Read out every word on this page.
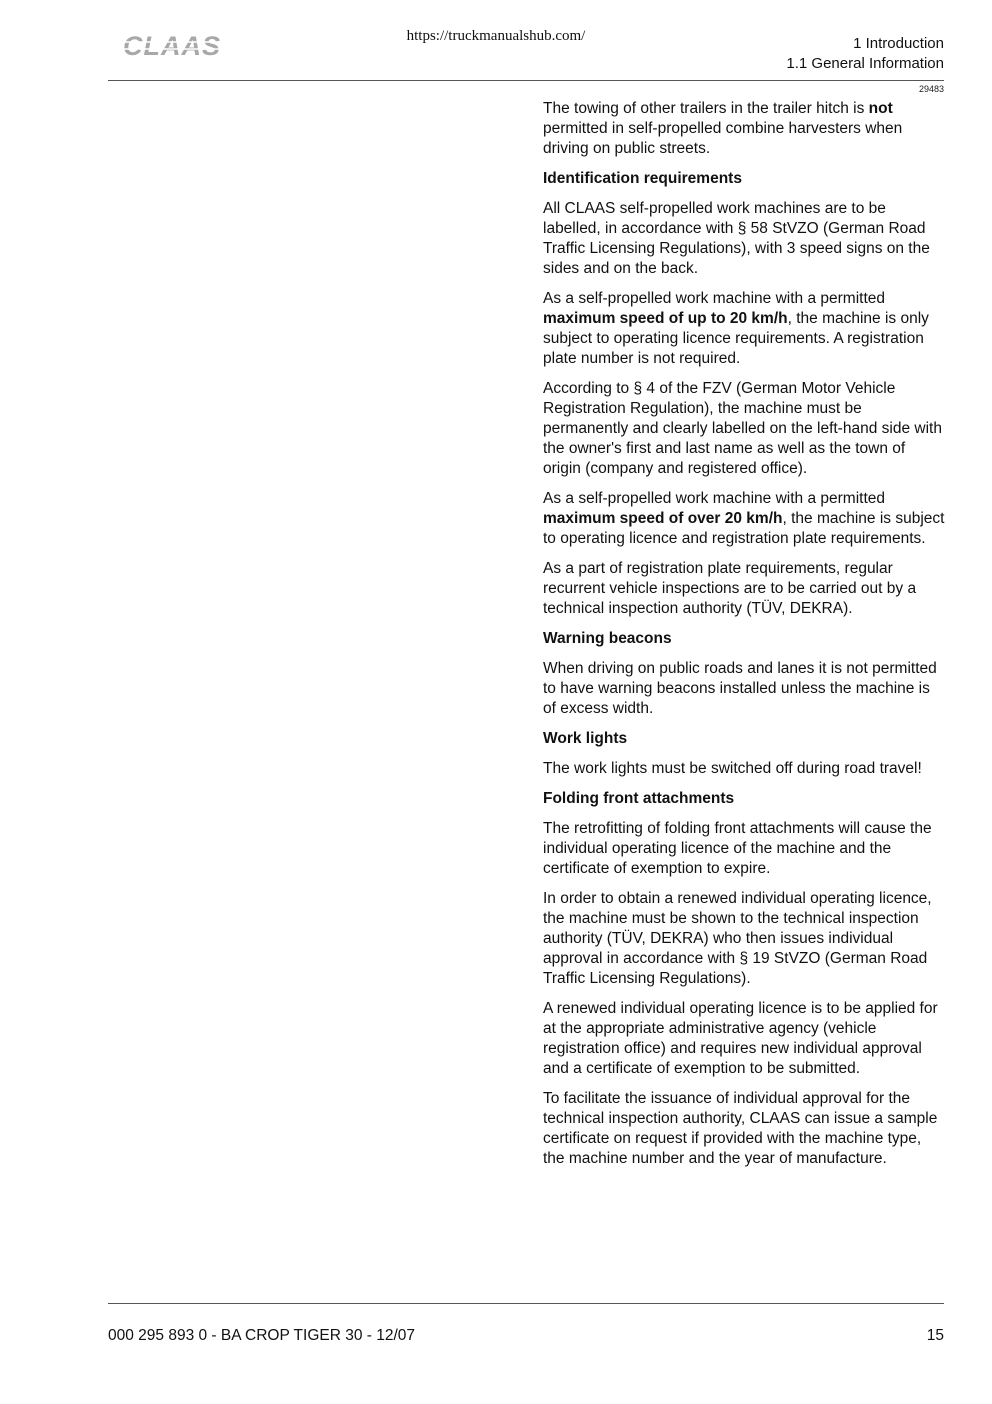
CLAAS	https://truckmanualshub.com/	1 Introduction
1.1 General Information
29483

The towing of other trailers in the trailer hitch is not permitted in self-propelled combine harvesters when driving on public streets.

Identification requirements

All CLAAS self-propelled work machines are to be labelled, in accordance with § 58 StVZO (German Road Traffic Licensing Regulations), with 3 speed signs on the sides and on the back.

As a self-propelled work machine with a permitted maximum speed of up to 20 km/h, the machine is only subject to operating licence requirements. A registration plate number is not required.

According to § 4 of the FZV (German Motor Vehicle Registration Regulation), the machine must be permanently and clearly labelled on the left-hand side with the owner's first and last name as well as the town of origin (company and registered office).

As a self-propelled work machine with a permitted maximum speed of over 20 km/h, the machine is subject to operating licence and registration plate requirements.

As a part of registration plate requirements, regular recurrent vehicle inspections are to be carried out by a technical inspection authority (TÜV, DEKRA).

Warning beacons

When driving on public roads and lanes it is not permitted to have warning beacons installed unless the machine is of excess width.

Work lights

The work lights must be switched off during road travel!

Folding front attachments

The retrofitting of folding front attachments will cause the individual operating licence of the machine and the certificate of exemption to expire.

In order to obtain a renewed individual operating licence, the machine must be shown to the technical inspection authority (TÜV, DEKRA) who then issues individual approval in accordance with § 19 StVZO (German Road Traffic Licensing Regulations).

A renewed individual operating licence is to be applied for at the appropriate administrative agency (vehicle registration office) and requires new individual approval and a certificate of exemption to be submitted.

To facilitate the issuance of individual approval for the technical inspection authority, CLAAS can issue a sample certificate on request if provided with the machine type, the machine number and the year of manufacture.

000 295 893 0 - BA CROP TIGER 30 - 12/07	15
